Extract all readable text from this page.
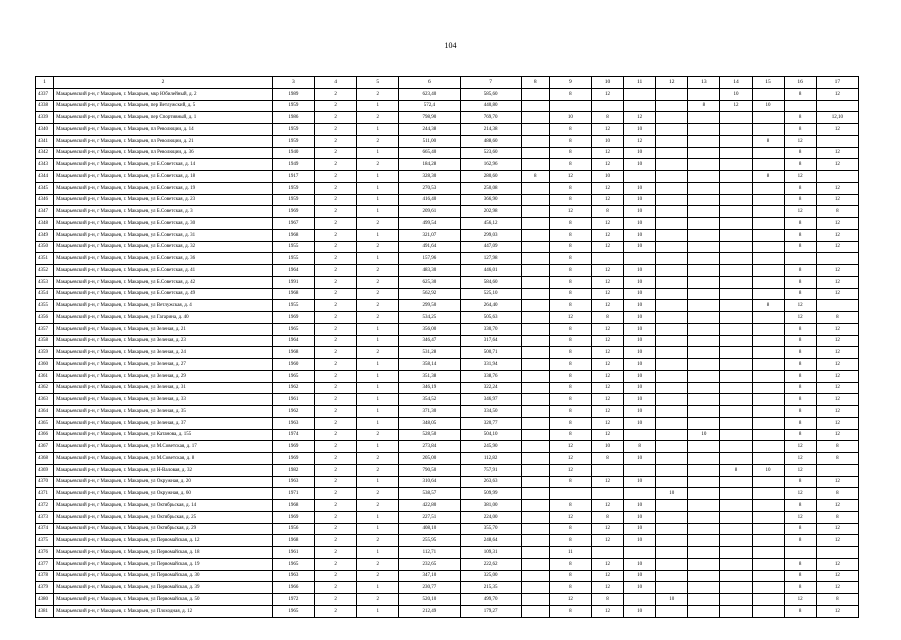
104
1	2	3	4	5	6	7	8	9	10	11	12	13	14	15	16	17
4337	Макарьевский р-н, г Макарьев, г. Макарьев, мкр Юбилейный, д. 2	1989	2	2	623,40	585,60		8	12				10		8	12
4338	Макарьевский р-н, г Макарьев, г. Макарьев, пер Ветлужский, д. 5	1959	2	1	572,4	440,80						8	12	10		
4339	Макарьевский р-н, г Макарьев, г. Макарьев, пер Спортивный, д. 1	1986	2	2	798,90	769,70		10	8	12					8	12,10
4340	Макарьевский р-н, г Макарьев, г. Макарьев, пл Революции, д. 14	1959	2	1	244,38	214,38		8	12	10					8	12
4341	Макарьевский р-н, г Макарьев, г. Макарьев, пл Революции, д. 21	1959	2	2	511,00	488,60		8	10	12				8	12	
4342	Макарьевский р-н, г Макарьев, г. Макарьев, пл Революции, д. 36	1940	2	1	665,40	523,60		8	12	10					8	12
4343	Макарьевский р-н, г Макарьев, г. Макарьев, ул Б.Советская, д. 14	1949	2	2	184,28	162,96		8	12	10					8	12
4344	Макарьевский р-н, г Макарьев, г. Макарьев, ул Б.Советская, д. 18	1917	2	1	328,30	280,60	8	12	10					8	12	
4345	Макарьевский р-н, г Макарьев, г. Макарьев, ул Б.Советская, д. 19	1959	2	1	270,53	250,08		8	12	10					8	12
4346	Макарьевский р-н, г Макарьев, г. Макарьев, ул Б.Советская, д. 23	1959	2	1	416,40	366,90		8	12	10					8	12
4347	Макарьевский р-н, г Макарьев, г. Макарьев, ул Б.Советская, д. 3	1969	2	1	209,61	202,98		12	8	10					12	8
4348	Макарьевский р-н, г Макарьев, г. Макарьев, ул Б.Советская, д. 30	1967	2	2	499,54	456,12		8	12	10					8	12
4349	Макарьевский р-н, г Макарьев, г. Макарьев, ул Б.Советская, д. 31	1968	2	1	321,07	299,03		8	12	10					8	12
4350	Макарьевский р-н, г Макарьев, г. Макарьев, ул Б.Советская, д. 32	1955	2	2	491,64	447,09		8	12	10					8	12
4351	Макарьевский р-н, г Макарьев, г. Макарьев, ул Б.Советская, д. 36	1955	2	1	157,96	127,98		8								
4352	Макарьевский р-н, г Макарьев, г. Макарьев, ул Б.Советская, д. 41	1964	2	2	483,30	446,01		8	12	10					8	12
4353	Макарьевский р-н, г Макарьев, г. Макарьев, ул Б.Советская, д. 42	1991	2	2	625,30	584,60		8	12	10					8	12
4354	Макарьевский р-н, г Макарьев, г. Макарьев, ул Б.Советская, д. 49	1968	2	2	562,92	525,10		8	12	10					8	12
4355	Макарьевский р-н, г Макарьев, г. Макарьев, ул Ветлужская, д. 4	1955	2	2	299,50	264,40		8	12	10				8	12	
4356	Макарьевский р-н, г Макарьев, г. Макарьев, ул Гагарина, д. 40	1969	2	2	534,25	505,63		12	8	10					12	8
4357	Макарьевский р-н, г Макарьев, г. Макарьев, ул Зеленая, д. 21	1965	2	1	356,00	330,70		8	12	10					8	12
4358	Макарьевский р-н, г Макарьев, г. Макарьев, ул Зеленая, д. 23	1964	2	1	346,47	317,64		8	12	10					8	12
4359	Макарьевский р-н, г Макарьев, г. Макарьев, ул Зеленая, д. 24	1968	2	2	531,28	500,71		8	12	10					8	12
4360	Макарьевский р-н, г Макарьев, г. Макарьев, ул Зеленая, д. 27	1960	2	1	358,14	331,94		8	12	10					8	12
4361	Макарьевский р-н, г Макарьев, г. Макарьев, ул Зеленая, д. 29	1965	2	1	351,38	338,76		8	12	10					8	12
4362	Макарьевский р-н, г Макарьев, г. Макарьев, ул Зеленая, д. 31	1962	2	1	346,19	322,24		8	12	10					8	12
4363	Макарьевский р-н, г Макарьев, г. Макарьев, ул Зеленая, д. 33	1961	2	1	354,52	346,97		8	12	10					8	12
4364	Макарьевский р-н, г Макарьев, г. Макарьев, ул Зеленая, д. 35	1962	2	1	371,30	334,50		8	12	10					8	12
4365	Макарьевский р-н, г Макарьев, г. Макарьев, ул Зеленая, д. 37	1963	2	1	348,05	320,77		8	12	10					8	12
4366	Макарьевский р-н, г Макарьев, г. Макарьев, ул Катанова, д. 155	1974	2	2	528,50	504,10		8	12			10			8	12
4367	Макарьевский р-н, г Макарьев, г. Макарьев, ул М.Советская, д. 17	1969	2	1	273,84	245,90		12	10	8					12	8
4368	Макарьевский р-н, г Макарьев, г. Макарьев, ул М.Советская, д. 8	1969	2	2	205,00	112,82		12	8	10					12	8
4369	Макарьевский р-н, г Макарьев, г. Макарьев, ул Н-Валовая, д. 32	1982	2	2	790,50	757,91		12					8	10	12	
4370	Макарьевский р-н, г Макарьев, г. Макарьев, ул Окружная, д. 20	1963	2	1	310,64	263,63		8	12	10					8	12
4371	Макарьевский р-н, г Макарьев, г. Макарьев, ул Окружная, д. 60	1971	2	2	538,57	509,99					10				12	8
4372	Макарьевский р-н, г Макарьев, г. Макарьев, ул Октябрьская, д. 14	1968	2	2	422,80	381,00		8	12	10					8	12
4373	Макарьевский р-н, г Макарьев, г. Макарьев, ул Октябрьская, д. 25	1969	2	1	227,51	224,00		12	8	10					12	8
4374	Макарьевский р-н, г Макарьев, г. Макарьев, ул Октябрьская, д. 29	1956	2	1	408,10	355,70		8	12	10					8	12
4375	Макарьевский р-н, г Макарьев, г. Макарьев, ул Первомайская, д. 12	1968	2	2	255,95	248,64		8	12	10					8	12
4376	Макарьевский р-н, г Макарьев, г. Макарьев, ул Первомайская, д. 18	1961	2	1	112,71	109,31		11								
4377	Макарьевский р-н, г Макарьев, г. Макарьев, ул Первомайская, д. 19	1965	2	2	232,65	222,62		8	12	10					8	12
4378	Макарьевский р-н, г Макарьев, г. Макарьев, ул Первомайская, д. 30	1963	2	2	347,10	325,00		8	12	10					8	12
4379	Макарьевский р-н, г Макарьев, г. Макарьев, ул Первомайская, д. 39	1966	2	1	230,77	215,35		8	12	10					8	12
4380	Макарьевский р-н, г Макарьев, г. Макарьев, ул Первомайская, д. 50	1972	2	2	520,10	499,70		12	8		10				12	8
4381	Макарьевский р-н, г Макарьев, г. Макарьев, ул Плоходная, д. 12	1965	2	1	212,49	179,27		8	12	10					8	12
